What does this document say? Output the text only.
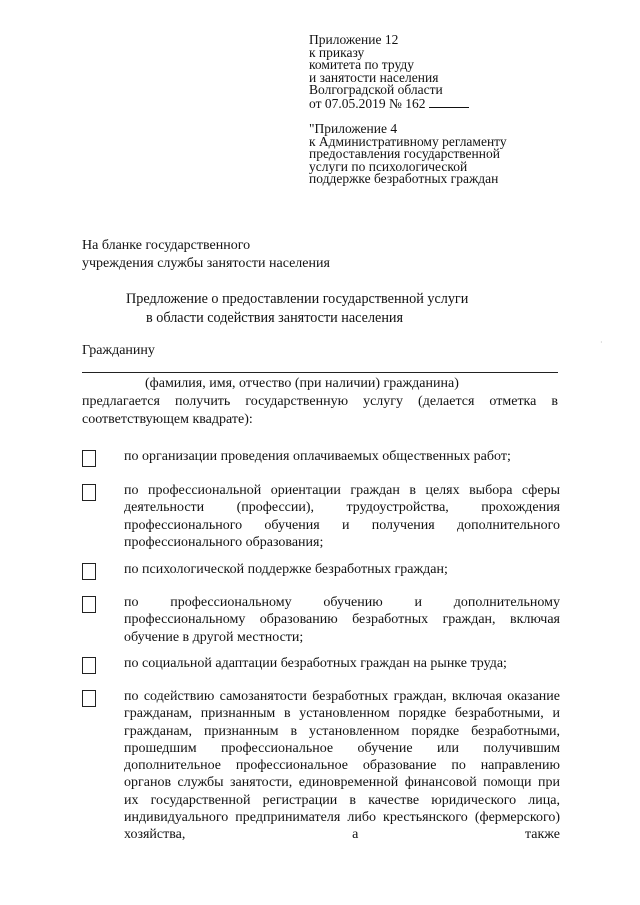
Приложение 12
к приказу
комитета по труду
и занятости населения
Волгоградской области
от 07.05.2019 № 162
"Приложение 4
к Административному регламенту
предоставления государственной
услуги по психологической
поддержке безработных граждан
На бланке государственного
учреждения службы занятости населения
Предложение о предоставлении государственной услуги
в области содействия занятости населения
Гражданину
(фамилия, имя, отчество (при наличии) гражданина)
предлагается получить государственную услугу (делается отметка в соответствующем квадрате):
по организации проведения оплачиваемых общественных работ;
по профессиональной ориентации граждан в целях выбора сферы деятельности (профессии), трудоустройства, прохождения профессионального обучения и получения дополнительного профессионального образования;
по психологической поддержке безработных граждан;
по профессиональному обучению и дополнительному профессиональному образованию безработных граждан, включая обучение в другой местности;
по социальной адаптации безработных граждан на рынке труда;
по содействию самозанятости безработных граждан, включая оказание гражданам, признанным в установленном порядке безработными, и гражданам, признанным в установленном порядке безработными, прошедшим профессиональное обучение или получившим дополнительное профессиональное образование по направлению органов службы занятости, единовременной финансовой помощи при их государственной регистрации в качестве юридического лица, индивидуального предпринимателя либо крестьянского (фермерского) хозяйства, а также
·
